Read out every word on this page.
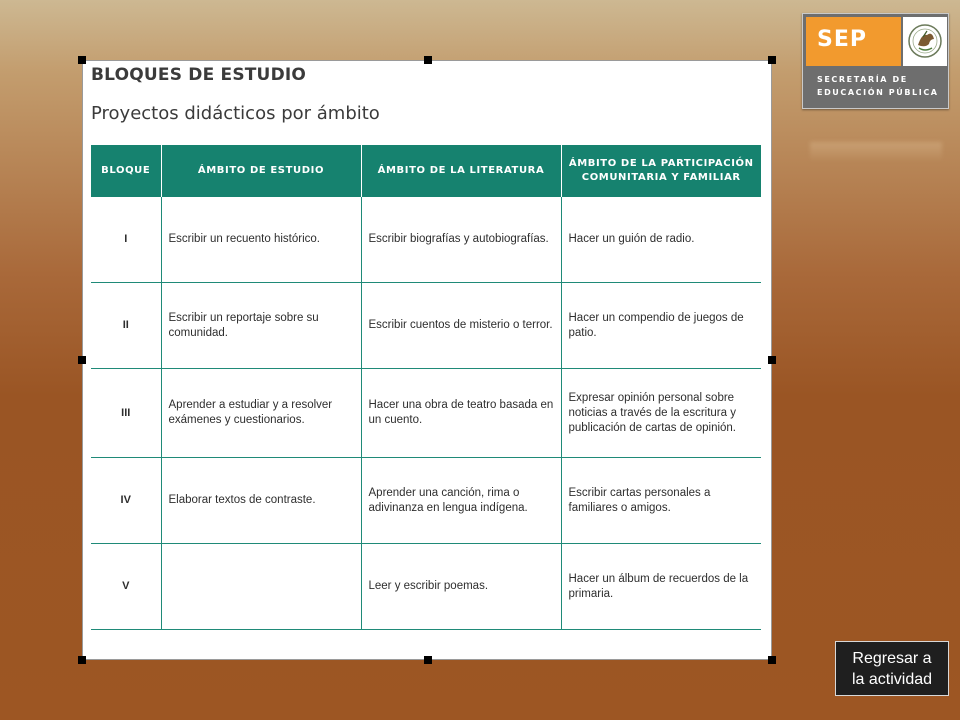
BLOQUES DE ESTUDIO
Proyectos didácticos por ámbito
BLOQUE	ÁMBITO DE ESTUDIO	ÁMBITO DE LA LITERATURA	ÁMBITO DE LA PARTICIPACIÓN COMUNITARIA Y FAMILIAR
I	Escribir un recuento histórico.	Escribir biografías y autobiografías.	Hacer un guión de radio.
II	Escribir un reportaje sobre su comunidad.	Escribir cuentos de misterio o terror.	Hacer un compendio de juegos de patio.
III	Aprender a estudiar y a resolver exámenes y cuestionarios.	Hacer una obra de teatro basada en un cuento.	Expresar opinión personal sobre noticias a través de la escritura y publicación de cartas de opinión.
IV	Elaborar textos de contraste.	Aprender una canción, rima o adivinanza en lengua indígena.	Escribir cartas personales a familiares o amigos.
V		Leer y escribir poemas.	Hacer un álbum de recuerdos de la primaria.

SEP

SECRETARÍA DE

EDUCACIÓN PÚBLICA

Regresar a
la actividad
